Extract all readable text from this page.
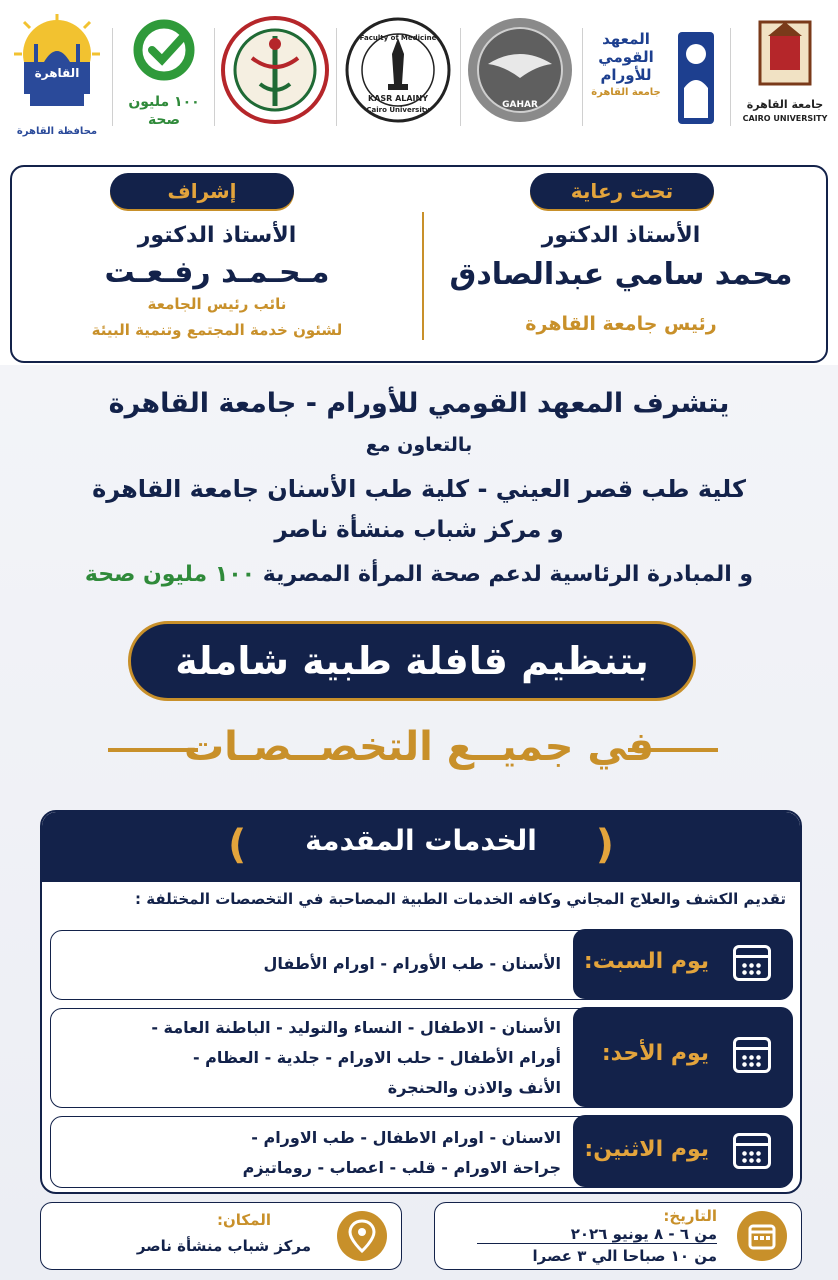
القاهرة
محافظة القاهرة
١٠٠ مليون
صحة
Faculty of Medicine
KASR ALAINY
Cairo University	GAHAR
المعهد
القومي
للأورام
جامعة القاهرة
جامعة القاهرة
CAIRO UNIVERSITY
تحت رعاية
الأستاذ الدكتور
محمد سامي عبدالصادق
رئيس جامعة القاهرة
إشراف
الأستاذ الدكتور
مـحـمـد رفـعـت
نائب رئيس الجامعة
لشئون خدمة المجتمع وتنمية البيئة
يتشرف المعهد القومي للأورام - جامعة القاهرة
بالتعاون مع
كلية طب قصر العيني - كلية طب الأسنان جامعة القاهرة
و مركز شباب منشأة ناصر
و المبادرة الرئاسية لدعم صحة المرأة المصرية ١٠٠ مليون صحة
بتنظيم قافلة طبية شاملة
في جميــع التخصــصـات
(
)	الخدمات المقدمة
تقديم الكشف والعلاج المجاني وكافه الخدمات الطبية المصاحبة في التخصصات المختلفة :
يوم السبت:
الأسنان - طب الأورام - اورام الأطفال
يوم الأحد:
الأسنان - الاطفال - النساء والتوليد - الباطنة العامة -
أورام الأطفال - حلب الاورام - جلدية - العظام -
الأنف والاذن والحنجرة
يوم الاثنين:
الاسنان - اورام الاطفال - طب الاورام -
جراحة الاورام - قلب - اعصاب - روماتيزم
التاريخ:
من ٦ - ٨ يونيو ٢٠٢٦
من ١٠ صباحا الي ٣ عصرا
المكان:
مركز شباب منشأة ناصر
